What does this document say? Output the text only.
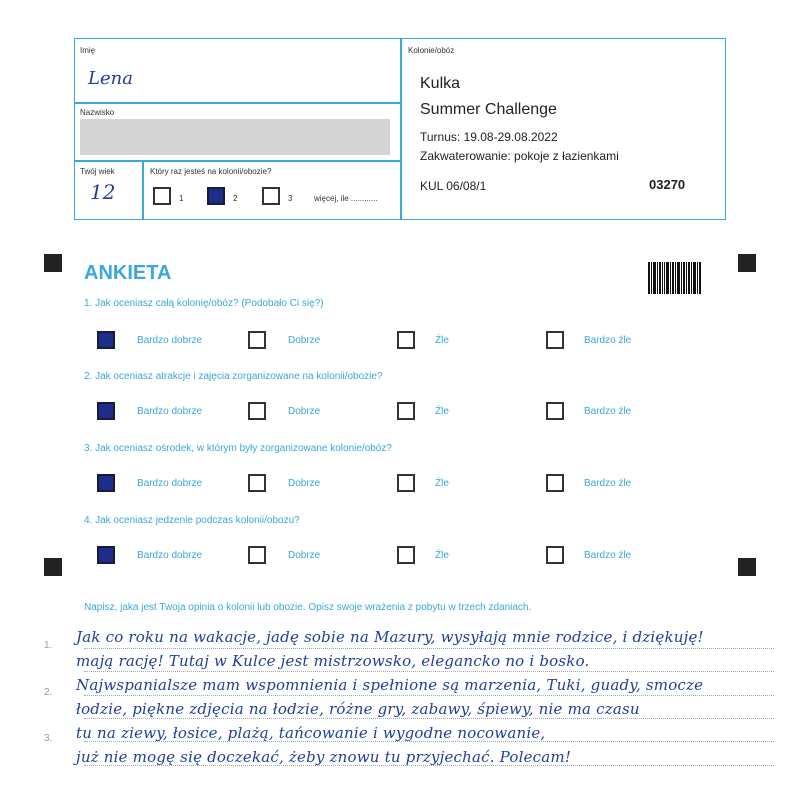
Imię
Lena
Nazwisko
Twój wiek
12
Który raz jesteś na kolonii/obozie?
1	2	3	więcej, ile ............
Kolonie/obóz
Kulka
Summer Challenge
Turnus: 19.08-29.08.2022
Zakwaterowanie: pokoje z łazienkami
KUL 06/08/1	03270
ANKIETA
1. Jak oceniasz całą kolonię/obóz? (Podobało Ci się?)
Bardzo dobrze	Dobrze	Źle	Bardzo źle
2. Jak oceniasz atrakcje i zajęcia zorganizowane na kolonii/obozie?
Bardzo dobrze	Dobrze	Źle	Bardzo źle
3. Jak oceniasz ośrodek, w którym były zorganizowane kolonie/obóz?
Bardzo dobrze	Dobrze	Źle	Bardzo źle
4. Jak oceniasz jedzenie podczas kolonii/obozu?
Bardzo dobrze	Dobrze	Źle	Bardzo źle
Napisz, jaka jest Twoja opinia o kolonii lub obozie. Opisz swoje wrażenia z pobytu w trzech zdaniach.
1.
2.
3.
Jak co roku na wakacje, jadę sobie na Mazury, wysyłają mnie rodzice, i dziękuję!
mają rację! Tutaj w Kulce jest mistrzowsko, elegancko no i bosko.
Najwspanialsze mam wspomnienia i spełnione są marzenia, Tuki, guady, smocze
łodzie, piękne zdjęcia na łodzie, różne gry, zabawy, śpiewy, nie ma czasu
tu na ziewy, łosice, plażą, tańcowanie i wygodne nocowanie,
już nie mogę się doczekać, żeby znowu tu przyjechać. Polecam!
